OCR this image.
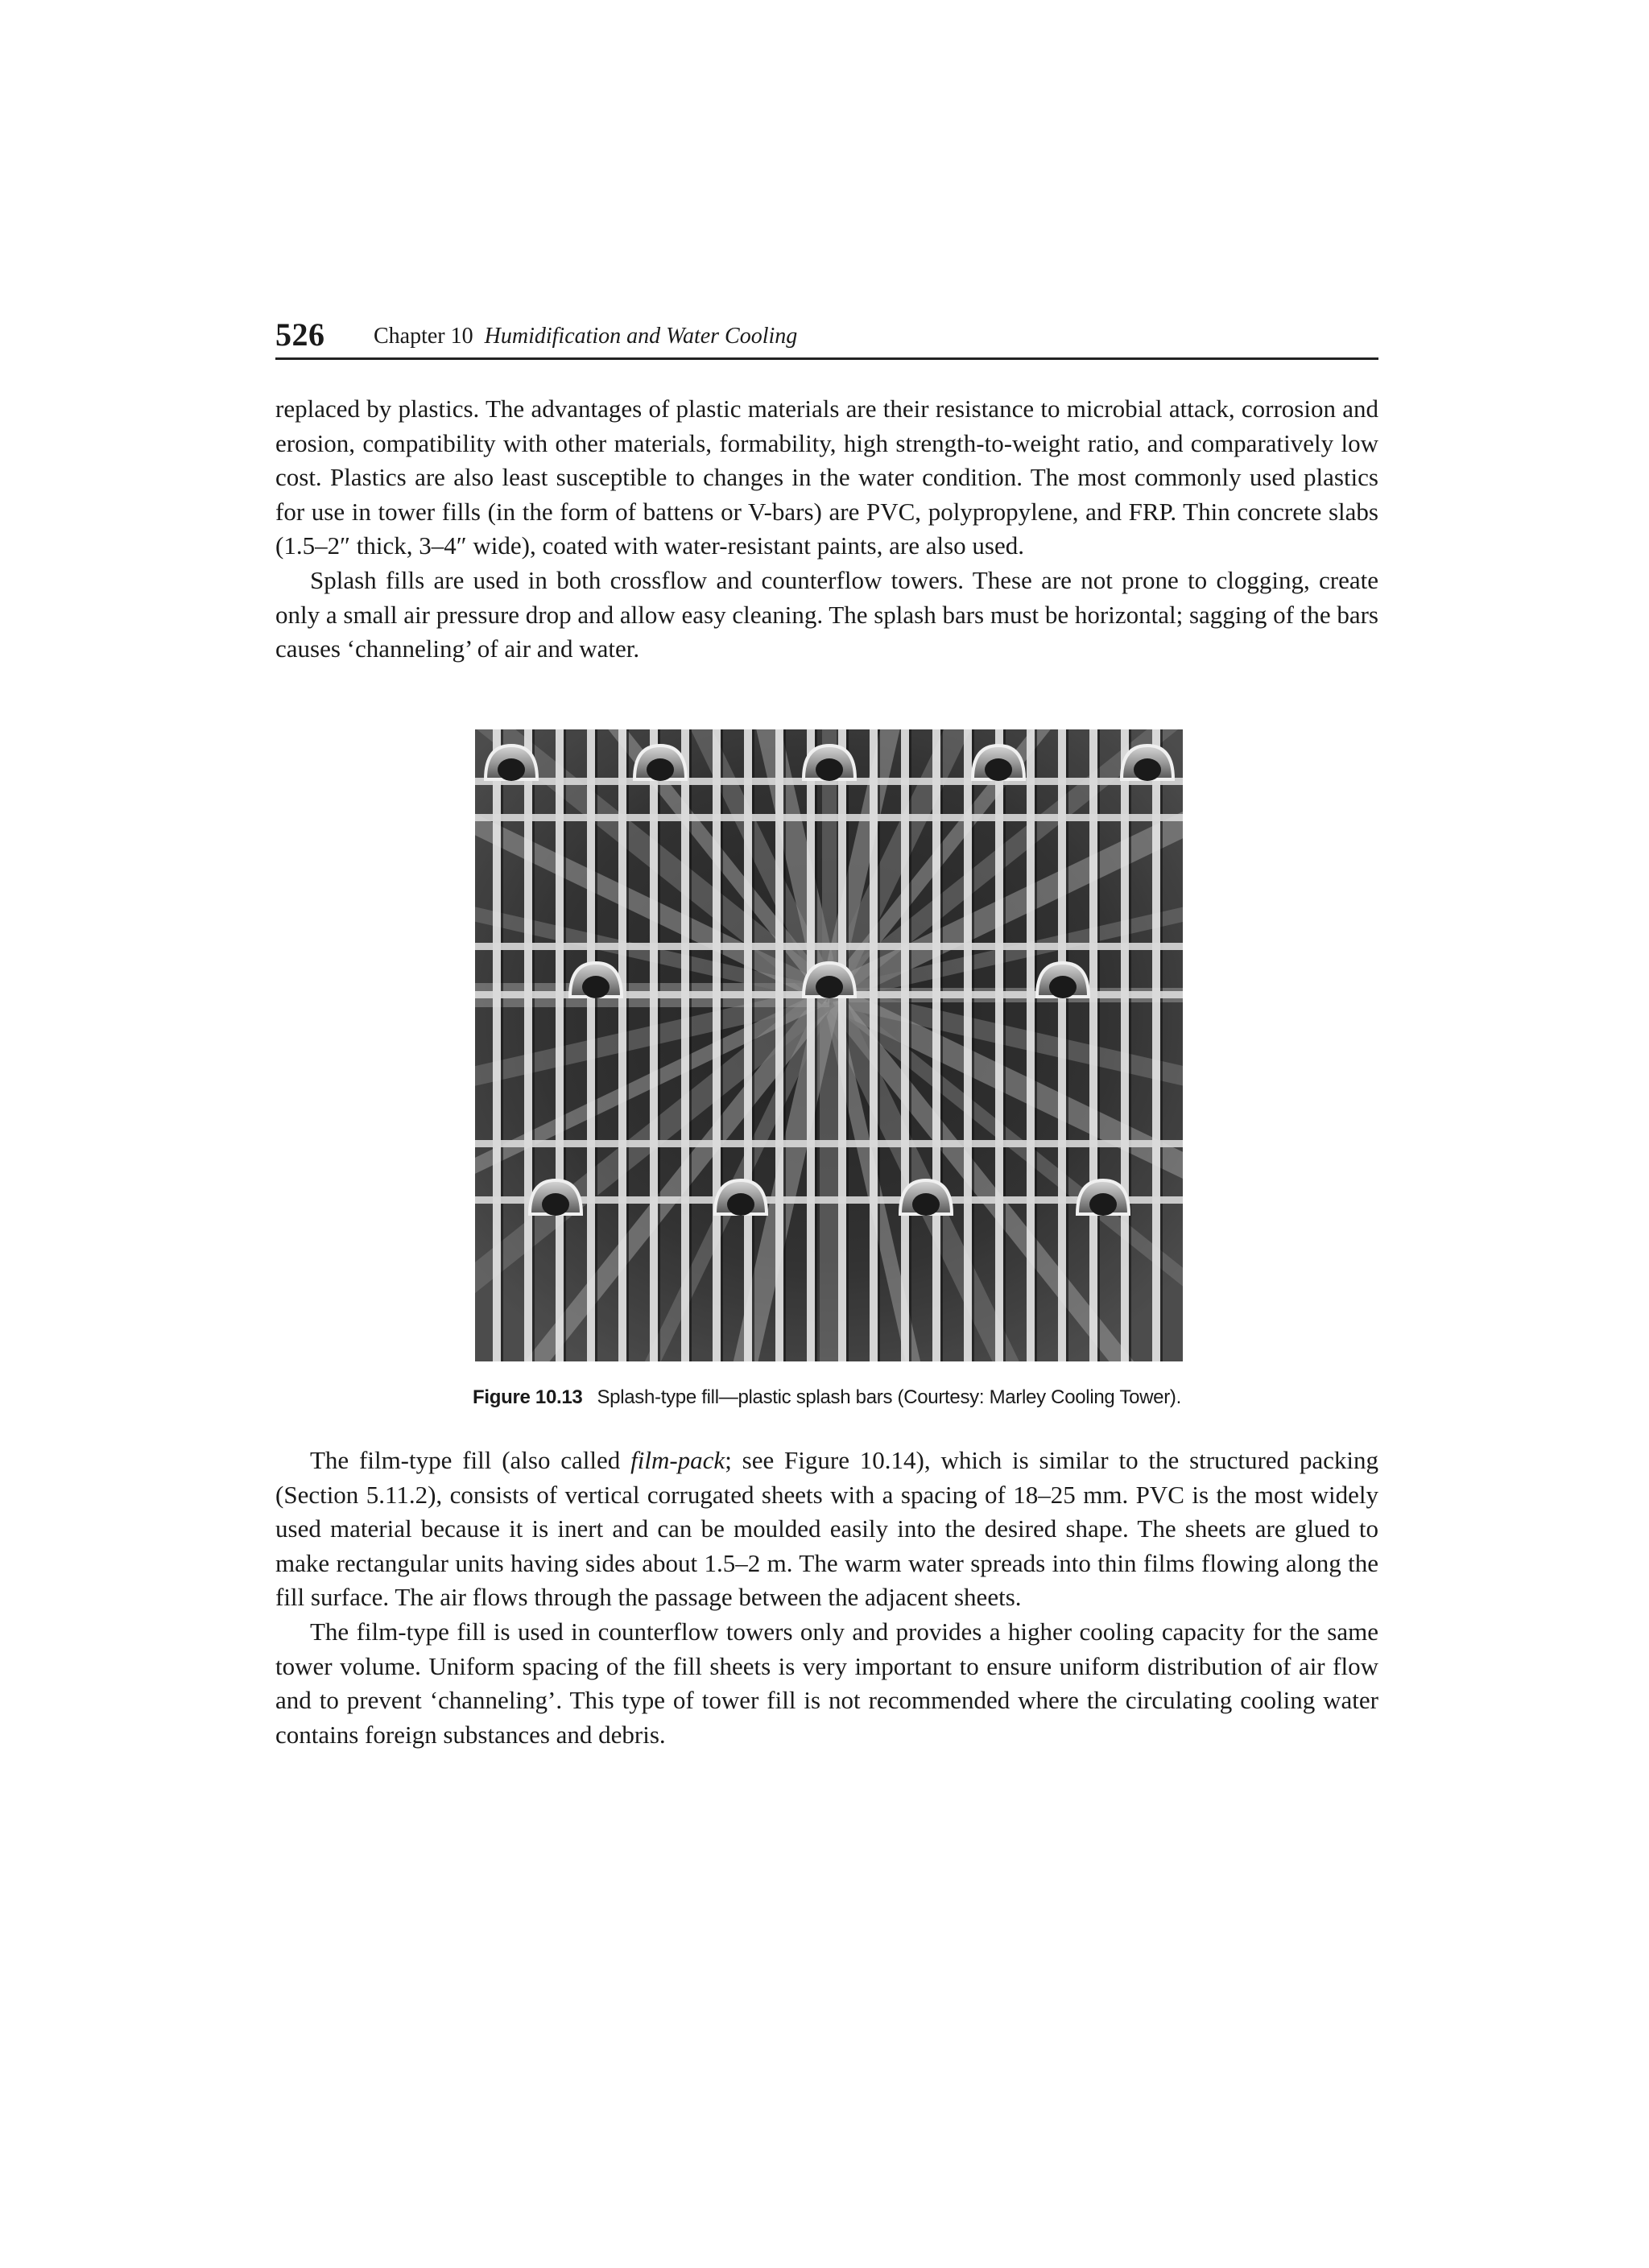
526 Chapter 10 Humidification and Water Cooling

replaced by plastics. The advantages of plastic materials are their resistance to microbial attack, corrosion and erosion, compatibility with other materials, formability, high strength-to-weight ratio, and comparatively low cost. Plastics are also least susceptible to changes in the water condition. The most commonly used plastics for use in tower fills (in the form of battens or V-bars) are PVC, polypropylene, and FRP. Thin concrete slabs (1.5–2″ thick, 3–4″ wide), coated with water-resistant paints, are also used.

Splash fills are used in both crossflow and counterflow towers. These are not prone to clogging, create only a small air pressure drop and allow easy cleaning. The splash bars must be horizontal; sagging of the bars causes ‘channeling’ of air and water.

Figure 10.13 Splash-type fill—plastic splash bars (Courtesy: Marley Cooling Tower).

The film-type fill (also called film-pack; see Figure 10.14), which is similar to the structured packing (Section 5.11.2), consists of vertical corrugated sheets with a spacing of 18–25 mm. PVC is the most widely used material because it is inert and can be moulded easily into the desired shape. The sheets are glued to make rectangular units having sides about 1.5–2 m. The warm water spreads into thin films flowing along the fill surface. The air flows through the passage between the adjacent sheets.

The film-type fill is used in counterflow towers only and provides a higher cooling capacity for the same tower volume. Uniform spacing of the fill sheets is very important to ensure uniform distribution of air flow and to prevent ‘channeling’. This type of tower fill is not recommended where the circulating cooling water contains foreign substances and debris.
